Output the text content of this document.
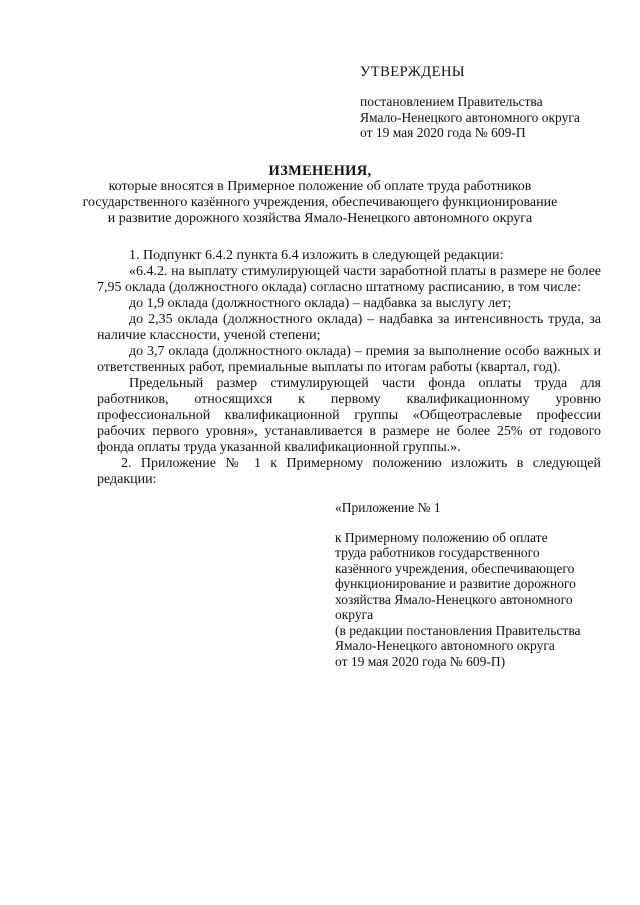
УТВЕРЖДЕНЫ
постановлением Правительства
Ямало-Ненецкого автономного округа
от 19 мая 2020 года № 609-П
ИЗМЕНЕНИЯ,
которые вносятся в Примерное положение об оплате труда работников
государственного казённого учреждения, обеспечивающего функционирование
и развитие дорожного хозяйства Ямало-Ненецкого автономного округа

1. Подпункт 6.4.2 пункта 6.4 изложить в следующей редакции:

«6.4.2. на выплату стимулирующей части заработной платы в размере не более 7,95 оклада (должностного оклада) согласно штатному расписанию, в том числе:

до 1,9 оклада (должностного оклада) – надбавка за выслугу лет;

до 2,35 оклада (должностного оклада) – надбавка за интенсивность труда, за наличие классности, ученой степени;

до 3,7 оклада (должностного оклада) – премия за выполнение особо важных и ответственных работ, премиальные выплаты по итогам работы (квартал, год).

Предельный размер стимулирующей части фонда оплаты труда для работников, относящихся к первому квалификационному уровню профессиональной квалификационной группы «Общеотраслевые профессии рабочих первого уровня», устанавливается в размере не более 25% от годового фонда оплаты труда указанной квалификационной группы.».

2. Приложение № 1 к Примерному положению изложить в следующей редакции:

«Приложение № 1
к Примерному положению об оплате
труда работников государственного
казённого учреждения, обеспечивающего
функционирование и развитие дорожного
хозяйства Ямало-Ненецкого автономного
округа
(в редакции постановления Правительства
Ямало-Ненецкого автономного округа
от 19 мая 2020 года № 609-П)
